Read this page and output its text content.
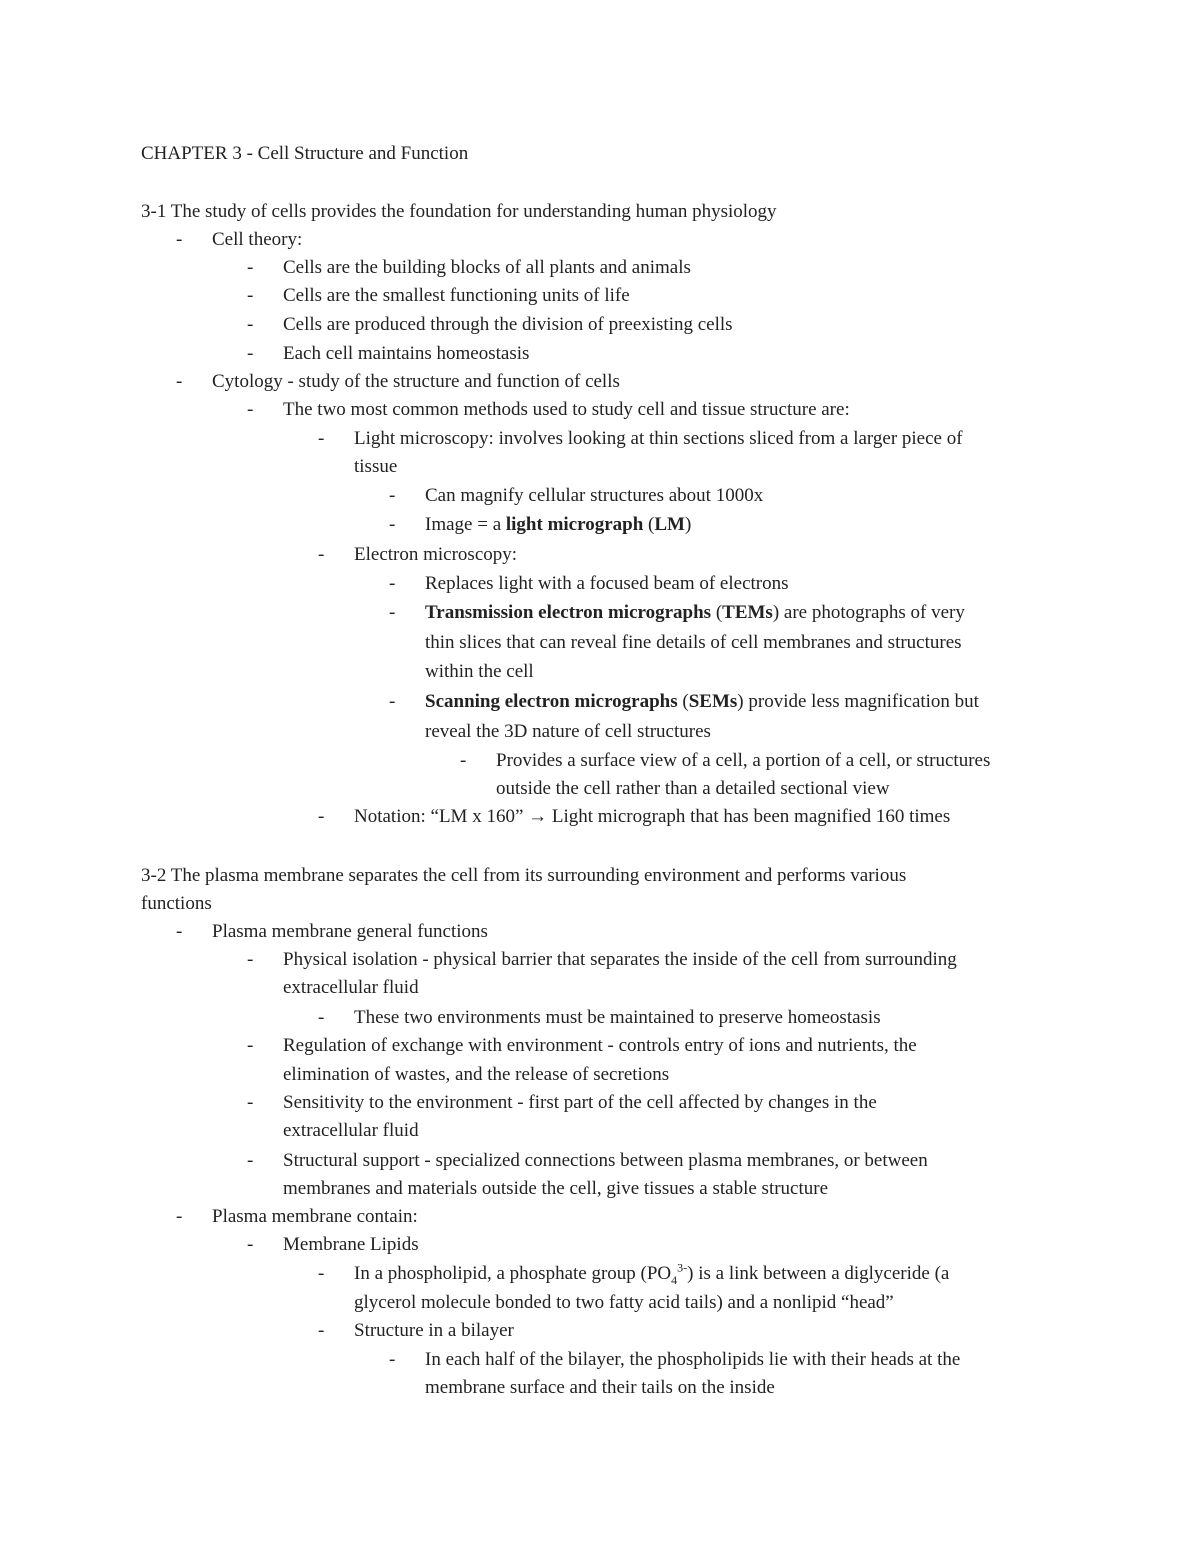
CHAPTER 3 - Cell Structure and Function
3-1 The study of cells provides the foundation for understanding human physiology
- Cell theory:
- Cells are the building blocks of all plants and animals
- Cells are the smallest functioning units of life
- Cells are produced through the division of preexisting cells
- Each cell maintains homeostasis
- Cytology - study of the structure and function of cells
- The two most common methods used to study cell and tissue structure are:
- Light microscopy: involves looking at thin sections sliced from a larger piece of
tissue
- Can magnify cellular structures about 1000x
- Image = a light micrograph (LM)
- Electron microscopy:
- Replaces light with a focused beam of electrons
- Transmission electron micrographs (TEMs) are photographs of very
thin slices that can reveal fine details of cell membranes and structures
within the cell
- Scanning electron micrographs (SEMs) provide less magnification but
reveal the 3D nature of cell structures
- Provides a surface view of a cell, a portion of a cell, or structures
outside the cell rather than a detailed sectional view
- Notation: “LM x 160” → Light micrograph that has been magnified 160 times
3-2 The plasma membrane separates the cell from its surrounding environment and performs various
functions
- Plasma membrane general functions
- Physical isolation - physical barrier that separates the inside of the cell from surrounding
extracellular fluid
- These two environments must be maintained to preserve homeostasis
- Regulation of exchange with environment - controls entry of ions and nutrients, the
elimination of wastes, and the release of secretions
- Sensitivity to the environment - first part of the cell affected by changes in the
extracellular fluid
- Structural support - specialized connections between plasma membranes, or between
membranes and materials outside the cell, give tissues a stable structure
- Plasma membrane contain:
- Membrane Lipids
- In a phospholipid, a phosphate group $(PO_4^{3-})$ is a link between a diglyceride (a
glycerol molecule bonded to two fatty acid tails) and a nonlipid “head”
- Structure in a bilayer
- In each half of the bilayer, the phospholipids lie with their heads at the
membrane surface and their tails on the inside
